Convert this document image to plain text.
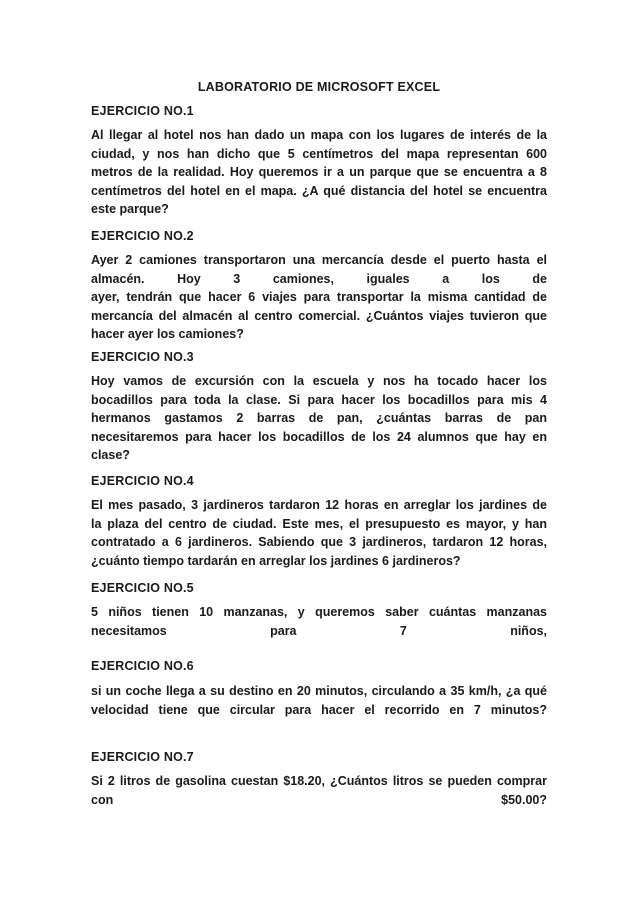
LABORATORIO DE MICROSOFT EXCEL
EJERCICIO NO.1
Al llegar al hotel nos han dado un mapa con los lugares de interés de la
ciudad, y nos han dicho que 5 centímetros del mapa representan 600
metros de la realidad. Hoy queremos ir a un parque que se encuentra a 8
centímetros del hotel en el mapa. ¿A qué distancia del hotel se encuentra
este parque?
EJERCICIO NO.2
Ayer 2 camiones transportaron una mercancía desde el puerto hasta el
almacén. Hoy 3 camiones, iguales a los de
ayer, tendrán que hacer 6 viajes para transportar la misma cantidad de
mercancía del almacén al centro comercial. ¿Cuántos viajes tuvieron que
hacer ayer los camiones?
EJERCICIO NO.3
Hoy vamos de excursión con la escuela y nos ha tocado hacer los
bocadillos para toda la clase. Si para hacer los bocadillos para mis 4
hermanos gastamos 2 barras de pan, ¿cuántas barras de pan
necesitaremos para hacer los bocadillos de los 24 alumnos que hay en
clase?
EJERCICIO NO.4
El mes pasado, 3 jardineros tardaron 12 horas en arreglar los jardines de
la plaza del centro de ciudad. Este mes, el presupuesto es mayor, y han
contratado a 6 jardineros. Sabiendo que 3 jardineros, tardaron 12 horas,
¿cuánto tiempo tardarán en arreglar los jardines 6 jardineros?
EJERCICIO NO.5
5 niños tienen 10 manzanas, y queremos saber cuántas manzanas
necesitamos para 7 niños,
EJERCICIO NO.6
si un coche llega a su destino en 20 minutos, circulando a 35 km/h, ¿a qué
velocidad tiene que circular para hacer el recorrido en 7 minutos?
EJERCICIO NO.7
Si 2 litros de gasolina cuestan $18.20, ¿Cuántos litros se pueden comprar
con $50.00?
